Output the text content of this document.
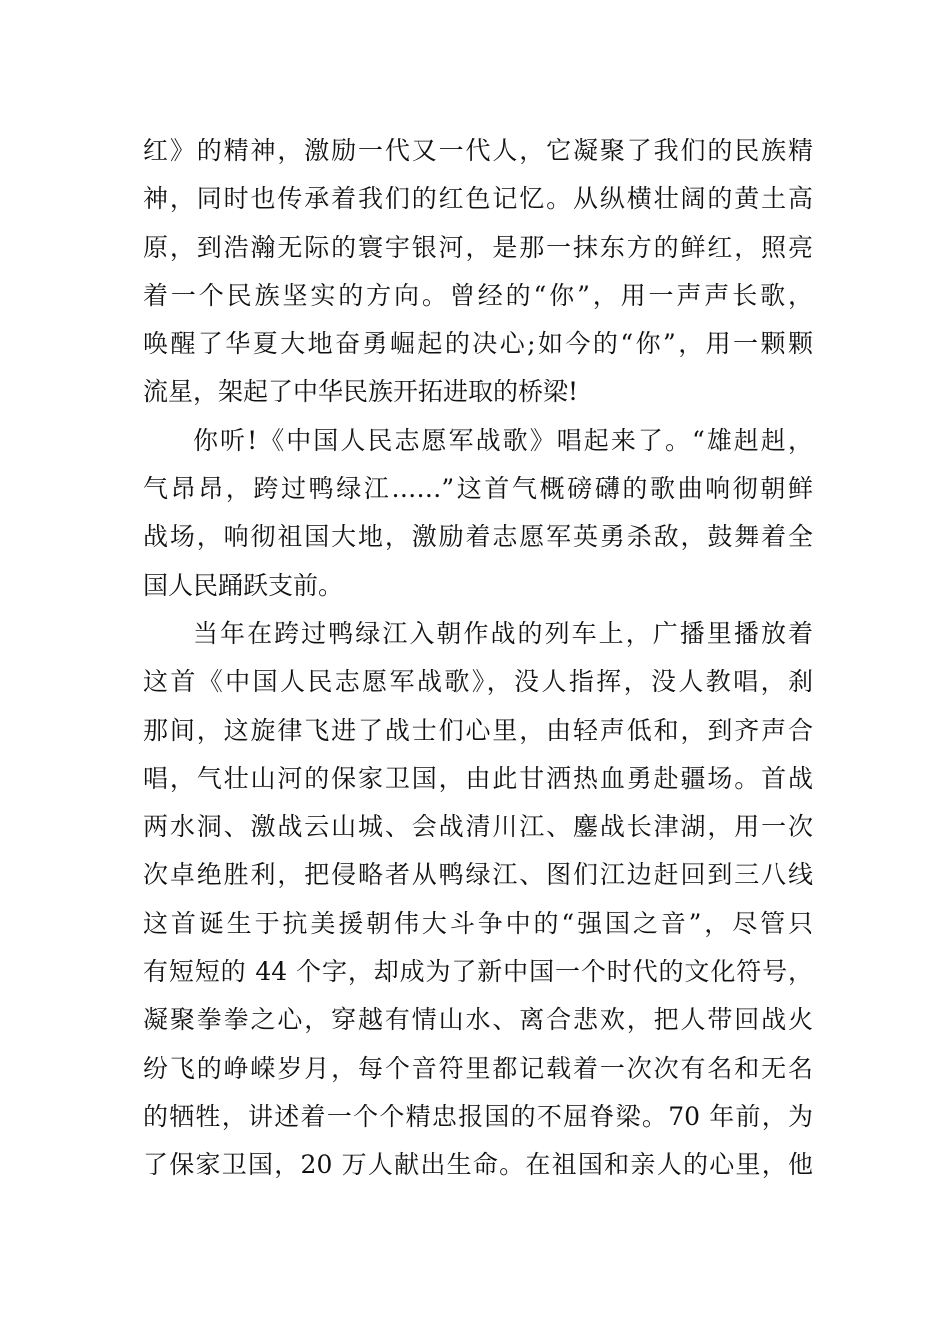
红》的精神，激励一代又一代人，它凝聚了我们的民族精
神，同时也传承着我们的红色记忆。从纵横壮阔的黄土高
原，到浩瀚无际的寰宇银河，是那一抹东方的鲜红，照亮
着一个民族坚实的方向。曾经的“你”，用一声声长歌，
唤醒了华夏大地奋勇崛起的决心;如今的“你”，用一颗颗
流星，架起了中华民族开拓进取的桥梁!
你听!《中国人民志愿军战歌》唱起来了。“雄赳赳，
气昂昂，跨过鸭绿江……”这首气概磅礴的歌曲响彻朝鲜
战场，响彻祖国大地，激励着志愿军英勇杀敌，鼓舞着全
国人民踊跃支前。
当年在跨过鸭绿江入朝作战的列车上，广播里播放着
这首《中国人民志愿军战歌》，没人指挥，没人教唱，刹
那间，这旋律飞进了战士们心里，由轻声低和，到齐声合
唱，气壮山河的保家卫国，由此甘洒热血勇赴疆场。首战
两水洞、激战云山城、会战清川江、鏖战长津湖，用一次
次卓绝胜利，把侵略者从鸭绿江、图们江边赶回到三八线
这首诞生于抗美援朝伟大斗争中的“强国之音”，尽管只
有短短的 44 个字，却成为了新中国一个时代的文化符号，
凝聚拳拳之心，穿越有情山水、离合悲欢，把人带回战火
纷飞的峥嵘岁月，每个音符里都记载着一次次有名和无名
的牺牲，讲述着一个个精忠报国的不屈脊梁。70 年前，为
了保家卫国，20 万人献出生命。在祖国和亲人的心里，他
